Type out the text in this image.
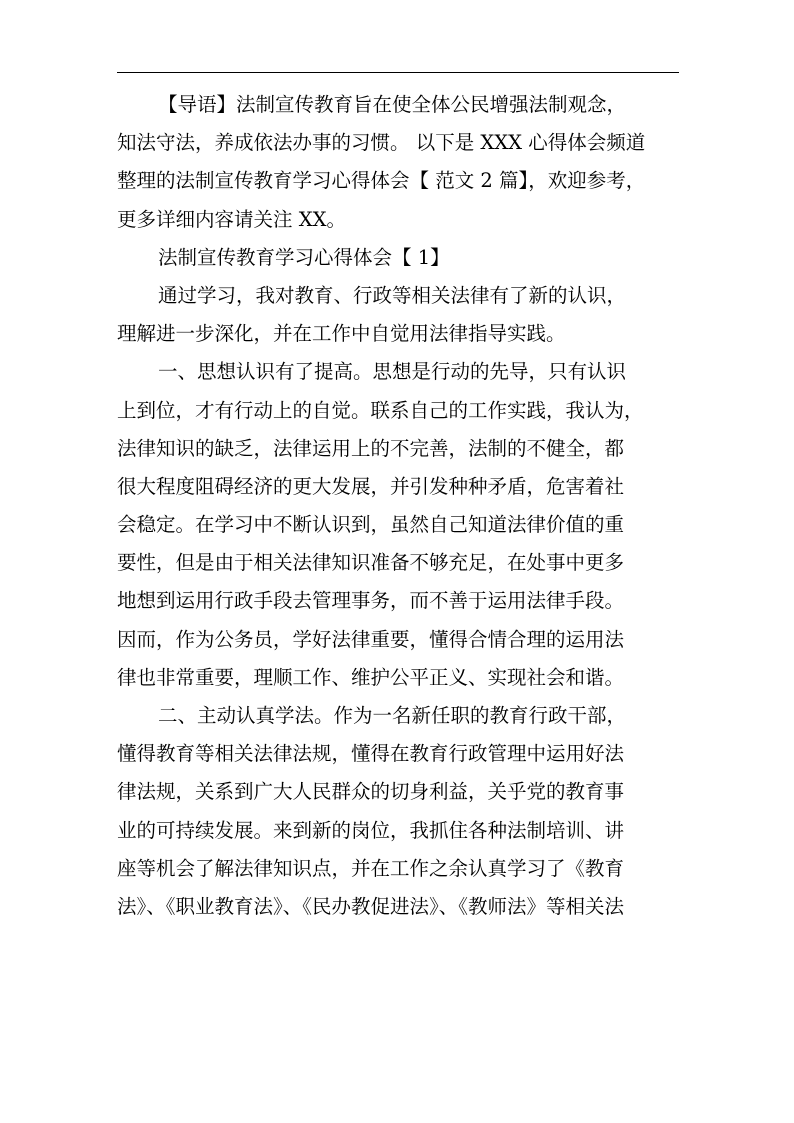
【导语】法制宣传教育旨在使全体公民增强法制观念，
知法守法，养成依法办事的习惯。 以下是 XXX 心得体会频道
整理的法制宣传教育学习心得体会【 范文 2 篇】，欢迎参考，
更多详细内容请关注 XX。
法制宣传教育学习心得体会【 1】
通过学习，我对教育、行政等相关法律有了新的认识，
理解进一步深化，并在工作中自觉用法律指导实践。
一、思想认识有了提高。思想是行动的先导，只有认识
上到位，才有行动上的自觉。联系自己的工作实践，我认为，
法律知识的缺乏，法律运用上的不完善，法制的不健全，都
很大程度阻碍经济的更大发展，并引发种种矛盾，危害着社
会稳定。在学习中不断认识到，虽然自己知道法律价值的重
要性，但是由于相关法律知识准备不够充足，在处事中更多
地想到运用行政手段去管理事务，而不善于运用法律手段。
因而，作为公务员，学好法律重要，懂得合情合理的运用法
律也非常重要，理顺工作、维护公平正义、实现社会和谐。
二、主动认真学法。作为一名新任职的教育行政干部，
懂得教育等相关法律法规，懂得在教育行政管理中运用好法
律法规，关系到广大人民群众的切身利益，关乎党的教育事
业的可持续发展。来到新的岗位，我抓住各种法制培训、讲
座等机会了解法律知识点，并在工作之余认真学习了《教育
法》、《职业教育法》、《民办教促进法》、《教师法》等相关法
